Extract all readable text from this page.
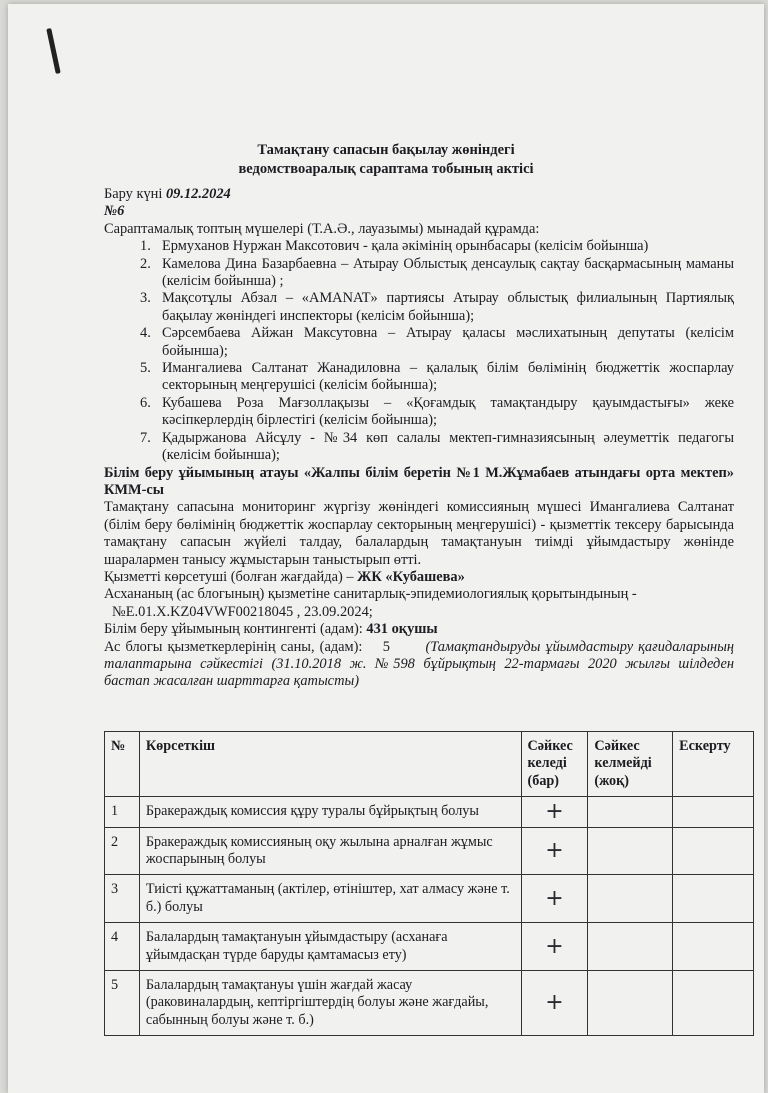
Тамақтану сапасын бақылау жөніндегі
ведомствоаралық сараптама тобының актісі

Бару күні 09.12.2024

№6

Сараптамалық топтың мүшелері (Т.А.Ә., лауазымы) мынадай құрамда:

1. Ермуханов Нуржан Максотович - қала әкімінің орынбасары (келісім бойынша)
2. Камелова Дина Базарбаевна – Атырау Облыстық денсаулық сақтау басқармасының маманы (келісім бойынша) ;
3. Мақсотұлы Абзал – «AMANAT» партиясы Атырау облыстық филиалының Партиялық бақылау жөніндегі инспекторы (келісім бойынша);
4. Сәрсембаева Айжан Максутовна – Атырау қаласы мәслихатының депутаты (келісім бойынша);
5. Имангалиева Салтанат Жанадиловна – қалалық білім бөлімінің бюджеттік жоспарлау секторының меңгерушісі (келісім бойынша);
6. Кубашева Роза Мағзоллақызы – «Қоғамдық тамақтандыру қауымдастығы» жеке кәсіпкерлердің бірлестігі (келісім бойынша);
7. Қадыржанова Айсұлу - №34 көп салалы мектеп-гимназиясының әлеуметтік педагогы (келісім бойынша);

Білім беру ұйымының атауы «Жалпы білім беретін №1 М.Жұмабаев атындағы орта мектеп» КММ-сы

Тамақтану сапасына мониторинг жүргізу жөніндегі комиссияның мүшесі Имангалиева Салтанат (білім беру бөлімінің бюджеттік жоспарлау секторының меңгерушісі) - қызметтік тексеру барысында тамақтану сапасын жүйелі талдау, балалардың тамақтануын тиімді ұйымдастыру жөнінде шаралармен танысу жұмыстарын таныстырып өтті.

Қызметті көрсетуші (болған жағдайда) – ЖК «Кубашева»

Асхананың (ас блогының) қызметіне санитарлық-эпидемиологиялық қорытындының -

№E.01.X.KZ04VWF00218045 , 23.09.2024;

Білім беру ұйымының контингенті (адам): 431 оқушы

Ас блогы қызметкерлерінің саны, (адам): 5 (Тамақтандыруды ұйымдастыру қағидаларының талаптарына сәйкестігі (31.10.2018 ж. №598 бұйрықтың 22-тармағы 2020 жылғы шілдеден бастап жасалған шарттарға қатысты)

№	Көрсеткіш	Сәйкес келеді (бар)	Сәйкес келмейді (жоқ)	Ескерту
1	Бракераждық комиссия құру туралы бұйрықтың болуы	+		
2	Бракераждық комиссияның оқу жылына арналған жұмыс жоспарының болуы	+		
3	Тиісті құжаттаманың (актілер, өтініштер, хат алмасу және т. б.) болуы	+		
4	Балалардың тамақтануын ұйымдастыру (асханаға ұйымдасқан түрде баруды қамтамасыз ету)	+		
5	Балалардың тамақтануы үшін жағдай жасау (раковиналардың, кептіргіштердің болуы және жағдайы, сабынның болуы және т. б.)	+		
